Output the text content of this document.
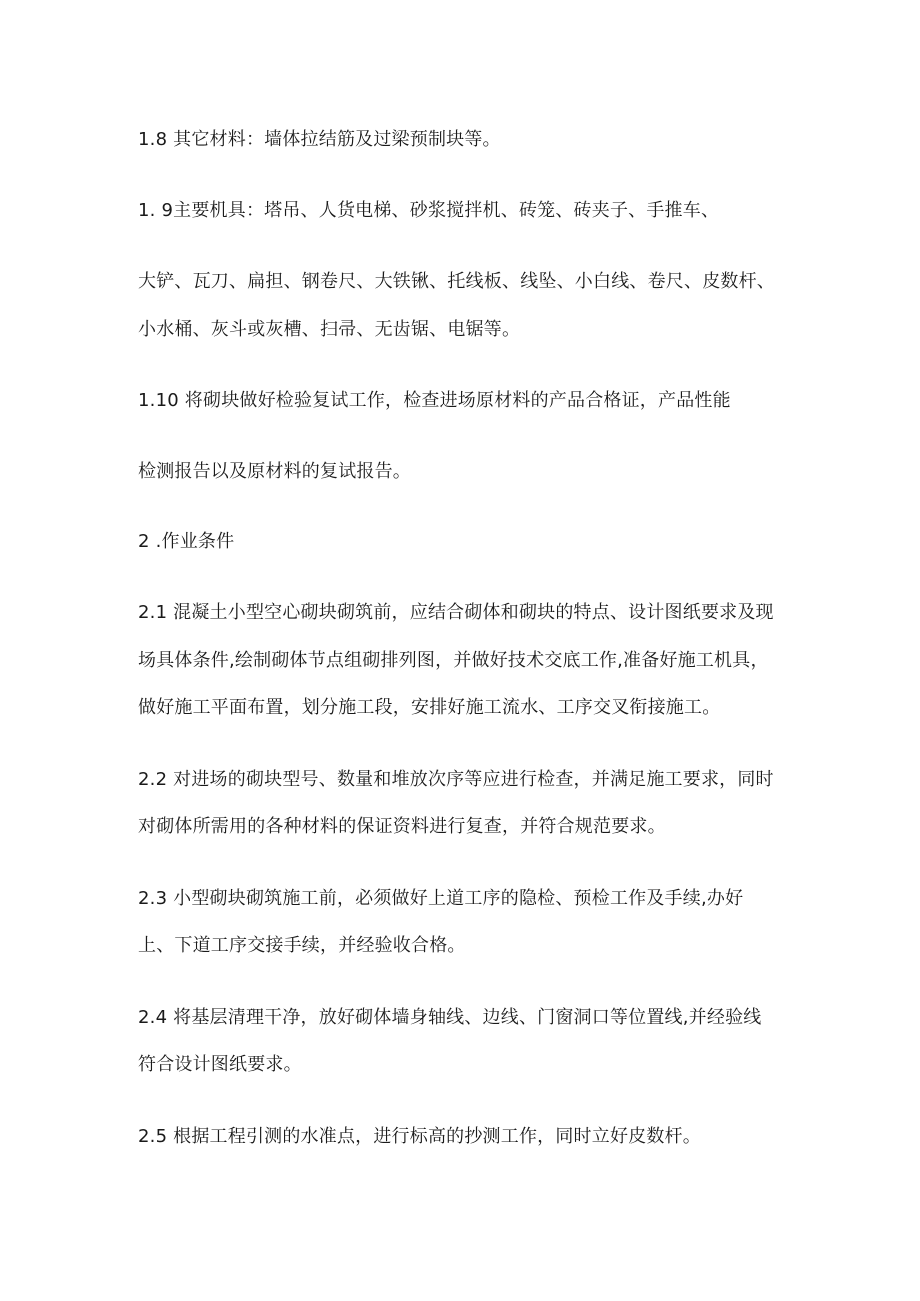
1.8 其它材料：墙体拉结筋及过梁预制块等。
1. 9主要机具：塔吊、人货电梯、砂浆搅拌机、砖笼、砖夹子、手推车、
大铲、瓦刀、扁担、钢卷尺、大铁锹、托线板、线坠、小白线、卷尺、皮数杆、
小水桶、灰斗或灰槽、扫帚、无齿锯、电锯等。
1.10 将砌块做好检验复试工作，检查进场原材料的产品合格证，产品性能
检测报告以及原材料的复试报告。
2 .作业条件
2.1 混凝土小型空心砌块砌筑前，应结合砌体和砌块的特点、设计图纸要求及现
场具体条件,绘制砌体节点组砌排列图，并做好技术交底工作,准备好施工机具，
做好施工平面布置，划分施工段，安排好施工流水、工序交叉衔接施工。
2.2 对进场的砌块型号、数量和堆放次序等应进行检查，并满足施工要求，同时
对砌体所需用的各种材料的保证资料进行复查，并符合规范要求。
2.3 小型砌块砌筑施工前，必须做好上道工序的隐检、预检工作及手续,办好
上、下道工序交接手续，并经验收合格。
2.4 将基层清理干净，放好砌体墙身轴线、边线、门窗洞口等位置线,并经验线
符合设计图纸要求。
2.5 根据工程引测的水准点，进行标高的抄测工作，同时立好皮数杆。
